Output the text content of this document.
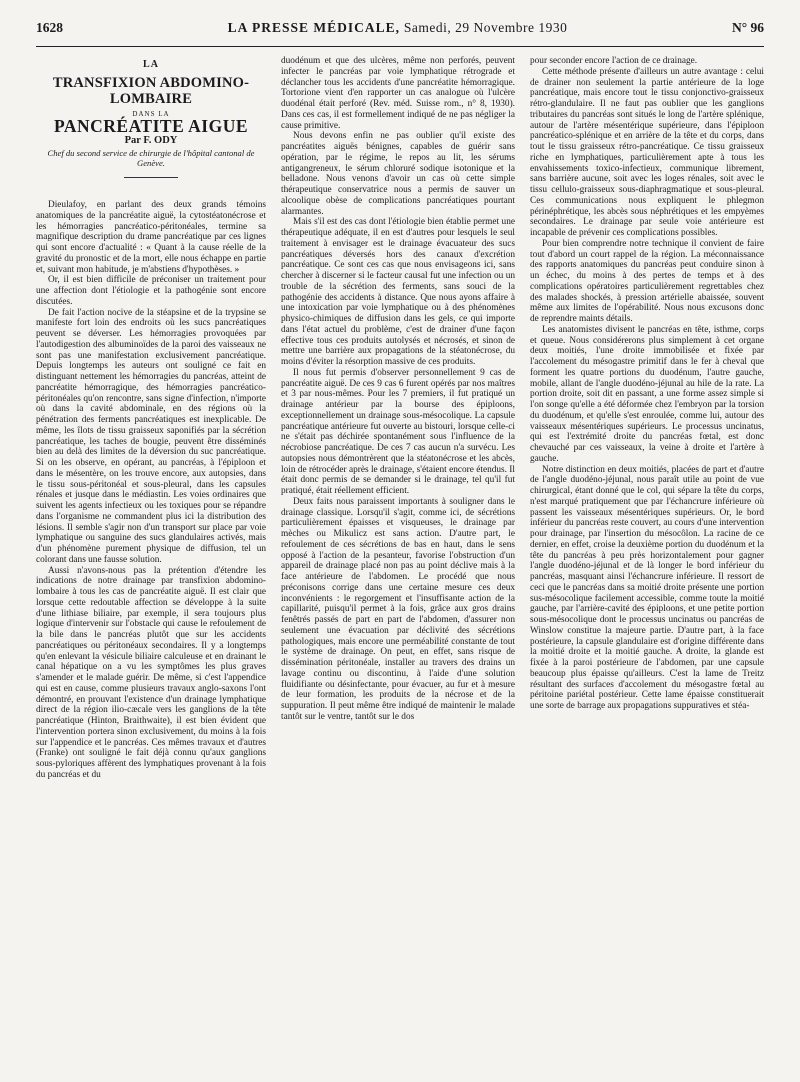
1628	LA PRESSE MÉDICALE, Samedi, 29 Novembre 1930	N° 96
LA
TRANSFIXION ABDOMINO-LOMBAIRE
DANS LA
PANCRÉATITE AIGUE
Par F. ODY
Chef du second service de chirurgie de l'hôpital cantonal de Genève.

Dieulafoy, en parlant des deux grands témoins anatomiques de la pancréatite aiguë, la cytostéatonécrose et les hémorragies pancréatico-péritonéales, termine sa magnifique description du drame pancréatique par ces lignes qui sont encore d'actualité : « Quant à la cause réelle de la gravité du pronostic et de la mort, elle nous échappe en partie et, suivant mon habitude, je m'abstiens d'hypothèses. »

Or, il est bien difficile de préconiser un traitement pour une affection dont l'étiologie et la pathogénie sont encore discutées.

De fait l'action nocive de la stéapsine et de la trypsine se manifeste fort loin des endroits où les sucs pancréatiques peuvent se déverser. Les hémorragies provoquées par l'autodigestion des albuminoïdes de la paroi des vaisseaux ne sont pas une manifestation exclusivement pancréatique. Depuis longtemps les auteurs ont souligné ce fait en distinguant nettement les hémorragies du pancréas, atteint de pancréatite hémorragique, des hémorragies pancréatico-péritonéales qu'on rencontre, sans signe d'infection, n'importe où dans la cavité abdominale, en des régions où la pénétration des ferments pancréatiques est inexplicable. De même, les îlots de tissu graisseux saponifiés par la sécrétion pancréatique, les taches de bougie, peuvent être disséminés bien au delà des limites de la déversion du suc pancréatique. Si on les observe, en opérant, au pancréas, à l'épiploon et dans le mésentère, on les trouve encore, aux autopsies, dans le tissu sous-péritonéal et sous-pleural, dans les capsules rénales et jusque dans le médiastin. Les voies ordinaires que suivent les agents infectieux ou les toxiques pour se répandre dans l'organisme ne commandent plus ici la distribution des lésions. Il semble s'agir non d'un transport sur place par voie lymphatique ou sanguine des sucs glandulaires activés, mais d'un phénomène purement physique de diffusion, tel un colorant dans une fausse solution.

Aussi n'avons-nous pas la prétention d'étendre les indications de notre drainage par transfixion abdomino-lombaire à tous les cas de pancréatite aiguë. Il est clair que lorsque cette redoutable affection se développe à la suite d'une lithiase biliaire, par exemple, il sera toujours plus logique d'intervenir sur l'obstacle qui cause le refoulement de la bile dans le pancréas plutôt que sur les accidents pancréatiques ou péritonéaux secondaires. Il y a longtemps qu'en enlevant la vésicule biliaire calculeuse et en drainant le canal hépatique on a vu les symptômes les plus graves s'amender et le malade guérir. De même, si c'est l'appendice qui est en cause, comme plusieurs travaux anglo-saxons l'ont démontré, en prouvant l'existence d'un drainage lymphatique direct de la région ilio-cæcale vers les ganglions de la tête pancréatique (Hinton, Braithwaite), il est bien évident que l'intervention portera sinon exclusivement, du moins à la fois sur l'appendice et le pancréas. Ces mêmes travaux et d'autres (Franke) ont souligné le fait déjà connu qu'aux ganglions sous-pyloriques affèrent des lymphatiques provenant à la fois du pancréas et du

duodénum et que des ulcères, même non perforés, peuvent infecter le pancréas par voie lymphatique rétrograde et déclancher tous les accidents d'une pancréatite hémorragique. Tortorione vient d'en rapporter un cas analogue où l'ulcère duodénal était perforé (Rev. méd. Suisse rom., n° 8, 1930). Dans ces cas, il est formellement indiqué de ne pas négliger la cause primitive.

Nous devons enfin ne pas oublier qu'il existe des pancréatites aiguës bénignes, capables de guérir sans opération, par le régime, le repos au lit, les sérums antigangreneux, le sérum chloruré sodique isotonique et la belladone. Nous venons d'avoir un cas où cette simple thérapeutique conservatrice nous a permis de sauver un alcoolique obèse de complications pancréatiques pourtant alarmantes.

Mais s'il est des cas dont l'étiologie bien établie permet une thérapeutique adéquate, il en est d'autres pour lesquels le seul traitement à envisager est le drainage évacuateur des sucs pancréatiques déversés hors des canaux d'excrétion pancréatique. Ce sont ces cas que nous envisageons ici, sans chercher à discerner si le facteur causal fut une infection ou un trouble de la sécrétion des ferments, sans souci de la pathogénie des accidents à distance. Que nous ayons affaire à une intoxication par voie lymphatique ou à des phénomènes physico-chimiques de diffusion dans les gels, ce qui importe dans l'état actuel du problème, c'est de drainer d'une façon effective tous ces produits autolysés et nécrosés, et sinon de mettre une barrière aux propagations de la stéatonécrose, du moins d'éviter la résorption massive de ces produits.

Il nous fut permis d'observer personnellement 9 cas de pancréatite aiguë. De ces 9 cas 6 furent opérés par nos maîtres et 3 par nous-mêmes. Pour les 7 premiers, il fut pratiqué un drainage antérieur par la bourse des épiploons, exceptionnellement un drainage sous-mésocolique. La capsule pancréatique antérieure fut ouverte au bistouri, lorsque celle-ci ne s'était pas déchirée spontanément sous l'influence de la nécrobiose pancréatique. De ces 7 cas aucun n'a survécu. Les autopsies nous démontrèrent que la stéatonécrose et les abcès, loin de rétrocéder après le drainage, s'étaient encore étendus. Il était donc permis de se demander si le drainage, tel qu'il fut pratiqué, était réellement efficient.

Deux faits nous paraissent importants à souligner dans le drainage classique. Lorsqu'il s'agit, comme ici, de sécrétions particulièrement épaisses et visqueuses, le drainage par mèches ou Mikulicz est sans action. D'autre part, le refoulement de ces sécrétions de bas en haut, dans le sens opposé à l'action de la pesanteur, favorise l'obstruction d'un appareil de drainage placé non pas au point déclive mais à la face antérieure de l'abdomen. Le procédé que nous préconisons corrige dans une certaine mesure ces deux inconvénients : le regorgement et l'insuffisante action de la capillarité, puisqu'il permet à la fois, grâce aux gros drains fenêtrés passés de part en part de l'abdomen, d'assurer non seulement une évacuation par déclivité des sécrétions pathologiques, mais encore une perméabilité constante de tout le système de drainage. On peut, en effet, sans risque de dissémination péritonéale, installer au travers des drains un lavage continu ou discontinu, à l'aide d'une solution fluidifiante ou désinfectante, pour évacuer, au fur et à mesure de leur formation, les produits de la nécrose et de la suppuration. Il peut même être indiqué de maintenir le malade tantôt sur le ventre, tantôt sur le dos

pour seconder encore l'action de ce drainage.

Cette méthode présente d'ailleurs un autre avantage : celui de drainer non seulement la partie antérieure de la loge pancréatique, mais encore tout le tissu conjonctivo-graisseux rétro-glandulaire. Il ne faut pas oublier que les ganglions tributaires du pancréas sont situés le long de l'artère splénique, autour de l'artère mésentérique supérieure, dans l'épiploon pancréatico-splénique et en arrière de la tête et du corps, dans tout le tissu graisseux rétro-pancréatique. Ce tissu graisseux riche en lymphatiques, particulièrement apte à tous les envahissements toxico-infectieux, communique librement, sans barrière aucune, soit avec les loges rénales, soit avec le tissu cellulo-graisseux sous-diaphragmatique et sous-pleural. Ces communications nous expliquent le phlegmon périnéphrétique, les abcès sous néphrétiques et les empyèmes secondaires. Le drainage par seule voie antérieure est incapable de prévenir ces complications possibles.

Pour bien comprendre notre technique il convient de faire tout d'abord un court rappel de la région. La méconnaissance des rapports anatomiques du pancréas peut conduire sinon à un échec, du moins à des pertes de temps et à des complications opératoires particulièrement regrettables chez des malades shockés, à pression artérielle abaissée, souvent même aux limites de l'opérabilité. Nous nous excusons donc de reprendre maints détails.

Les anatomistes divisent le pancréas en tête, isthme, corps et queue. Nous considérerons plus simplement à cet organe deux moitiés, l'une droite immobilisée et fixée par l'accolement du mésogastre primitif dans le fer à cheval que forment les quatre portions du duodénum, l'autre gauche, mobile, allant de l'angle duodéno-jéjunal au hile de la rate. La portion droite, soit dit en passant, a une forme assez simple si l'on songe qu'elle a été déformée chez l'embryon par la torsion du duodénum, et qu'elle s'est enroulée, comme lui, autour des vaisseaux mésentériques supérieurs. Le processus uncinatus, qui est l'extrémité droite du pancréas fœtal, est donc chevauché par ces vaisseaux, la veine à droite et l'artère à gauche.

Notre distinction en deux moitiés, placées de part et d'autre de l'angle duodéno-jéjunal, nous paraît utile au point de vue chirurgical, étant donné que le col, qui sépare la tête du corps, n'est marqué pratiquement que par l'échancrure inférieure où passent les vaisseaux mésentériques supérieurs. Or, le bord inférieur du pancréas reste couvert, au cours d'une intervention pour drainage, par l'insertion du mésocôlon. La racine de ce dernier, en effet, croise la deuxième portion du duodénum et la tête du pancréas à peu près horizontalement pour gagner l'angle duodéno-jéjunal et de là longer le bord inférieur du pancréas, masquant ainsi l'échancrure inférieure. Il ressort de ceci que le pancréas dans sa moitié droite présente une portion sus-mésocolique facilement accessible, comme toute la moitié gauche, par l'arrière-cavité des épiploons, et une petite portion sous-mésocolique dont le processus uncinatus ou pancréas de Winslow constitue la majeure partie. D'autre part, à la face postérieure, la capsule glandulaire est d'origine différente dans la moitié droite et la moitié gauche. A droite, la glande est fixée à la paroi postérieure de l'abdomen, par une capsule beaucoup plus épaisse qu'ailleurs. C'est la lame de Treitz résultant des surfaces d'accolement du mésogastre fœtal au péritoine pariétal postérieur. Cette lame épaisse constituerait une sorte de barrage aux propagations suppuratives et stéa-
